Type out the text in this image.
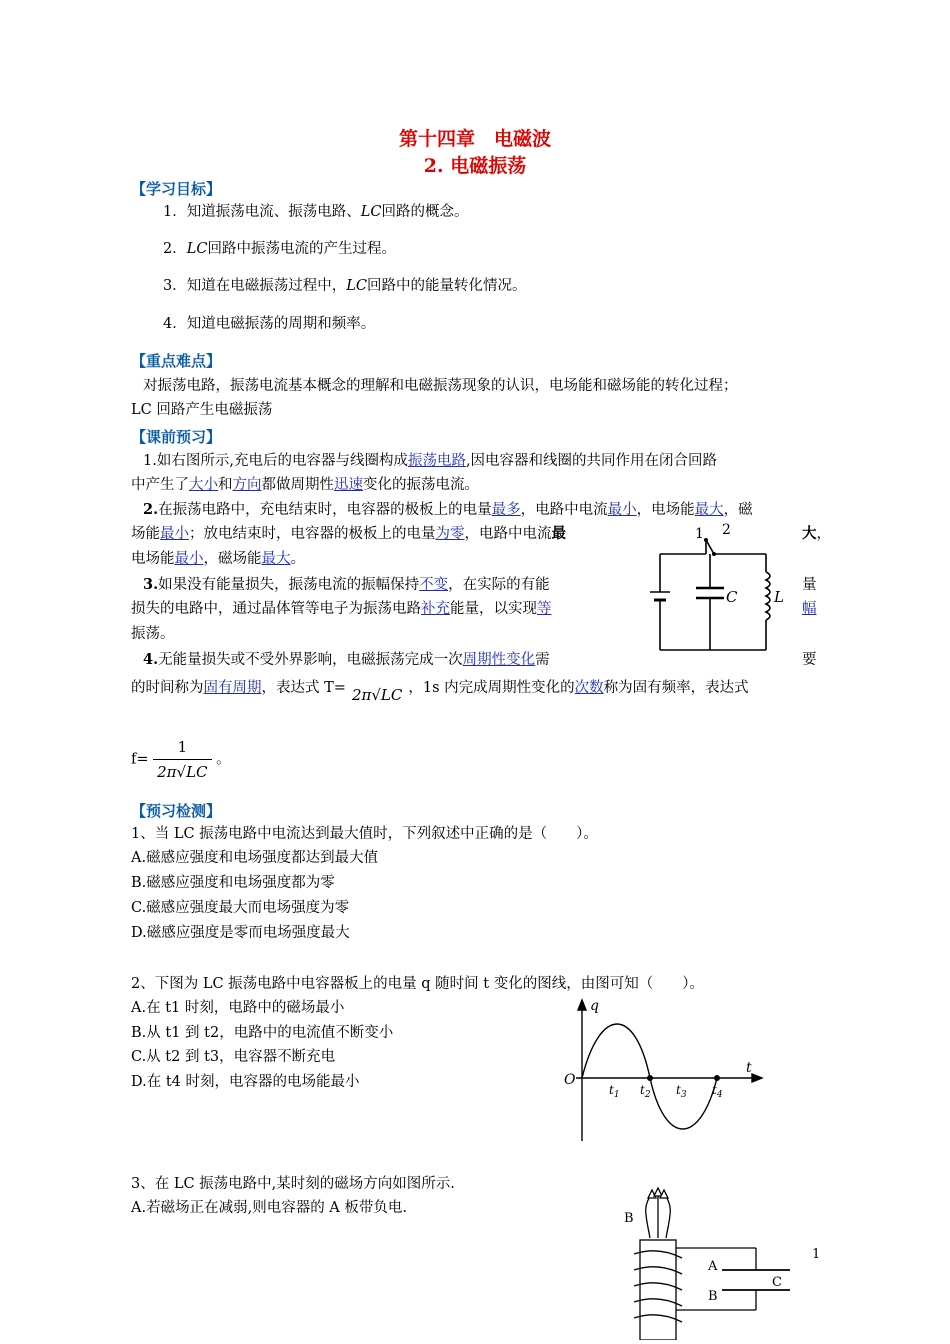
第十四章　电磁波
2. 电磁振荡
【学习目标】
1．知道振荡电流、振荡电路、LC回路的概念。
2．LC回路中振荡电流的产生过程。
3．知道在电磁振荡过程中，LC回路中的能量转化情况。
4．知道电磁振荡的周期和频率。
【重点难点】
对振荡电路，振荡电流基本概念的理解和电磁振荡现象的认识，电场能和磁场能的转化过程；
LC 回路产生电磁振荡
【课前预习】
1.如右图所示,充电后的电容器与线圈构成振荡电路,因电容器和线圈的共同作用在闭合回路
中产生了大小和方向都做周期性迅速变化的振荡电流。
2.在振荡电路中，充电结束时，电容器的极板上的电量最多，电路中电流最小，电场能最大，磁
场能最小；放电结束时，电容器的极板上的电量为零，电路中电流最	大，
电场能最小，磁场能最大。
3.如果没有能量损失，振荡电流的振幅保持不变，在实际的有能	量
损失的电路中，通过晶体管等电子为振荡电路补充能量，以实现等	幅
振荡。
4.无能量损失或不受外界影响，电磁振荡完成一次周期性变化需	要
的时间称为固有周期，表达式 T= 2π√LC ，1s 内完成周期性变化的次数称为固有频率，表达式
$f= \frac{1}{2\pi√LC}$ 。
1 2
C L
【预习检测】
1、当 LC 振荡电路中电流达到最大值时，下列叙述中正确的是（　　）。
A.磁感应强度和电场强度都达到最大值
B.磁感应强度和电场强度都为零
C.磁感应强度最大而电场强度为零
D.磁感应强度是零而电场强度最大
2、下图为 LC 振荡电路中电容器板上的电量 q 随时间 t 变化的图线，由图可知（　　）。
A.在 t1 时刻，电路中的磁场最小
B.从 t1 到 t2，电路中的电流值不断变小
C.从 t2 到 t3，电容器不断充电
D.在 t4 时刻，电容器的电场能最小
q
t
O
$t_1$ $t_2$ $t_3$ $t_4$
3、在 LC 振荡电路中,某时刻的磁场方向如图所示.
A.若磁场正在减弱,则电容器的 A 板带负电.
B
A
B
C
1
